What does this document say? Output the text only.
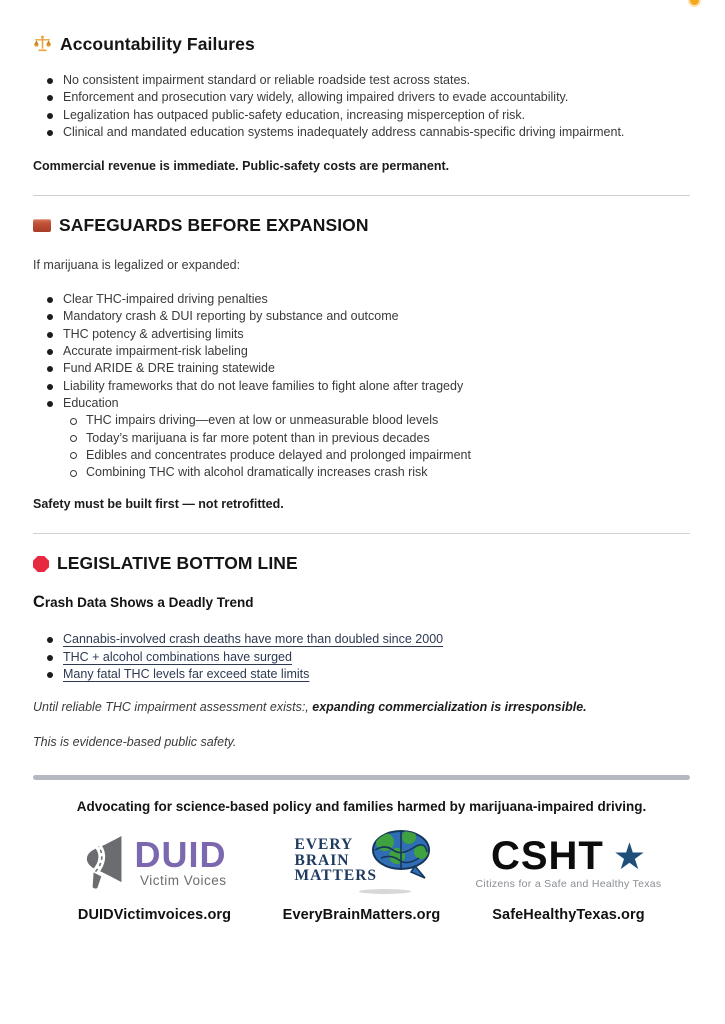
Accountability Failures
No consistent impairment standard or reliable roadside test across states.
Enforcement and prosecution vary widely, allowing impaired drivers to evade accountability.
Legalization has outpaced public-safety education, increasing misperception of risk.
Clinical and mandated education systems inadequately address cannabis-specific driving impairment.
Commercial revenue is immediate. Public-safety costs are permanent.
SAFEGUARDS BEFORE EXPANSION
If marijuana is legalized or expanded:
Clear THC-impaired driving penalties
Mandatory crash & DUI reporting by substance and outcome
THC potency & advertising limits
Accurate impairment-risk labeling
Fund ARIDE & DRE training statewide
Liability frameworks that do not leave families to fight alone after tragedy
Education
THC impairs driving—even at low or unmeasurable blood levels
Today’s marijuana is far more potent than in previous decades
Edibles and concentrates produce delayed and prolonged impairment
Combining THC with alcohol dramatically increases crash risk
Safety must be built first — not retrofitted.
LEGISLATIVE BOTTOM LINE
Crash Data Shows a Deadly Trend
Cannabis-involved crash deaths have more than doubled since 2000
THC + alcohol combinations have surged
Many fatal THC levels far exceed state limits
Until reliable THC impairment assessment exists:, expanding commercialization is irresponsible.
This is evidence-based public safety.
Advocating for science-based policy and families harmed by marijuana-impaired driving.
DUID
Victim Voices
DUIDVictimvoices.org
EVERY
BRAIN
MATTERS
EveryBrainMatters.org
CSHT ★
Citizens for a Safe and Healthy Texas
SafeHealthyTexas.org
